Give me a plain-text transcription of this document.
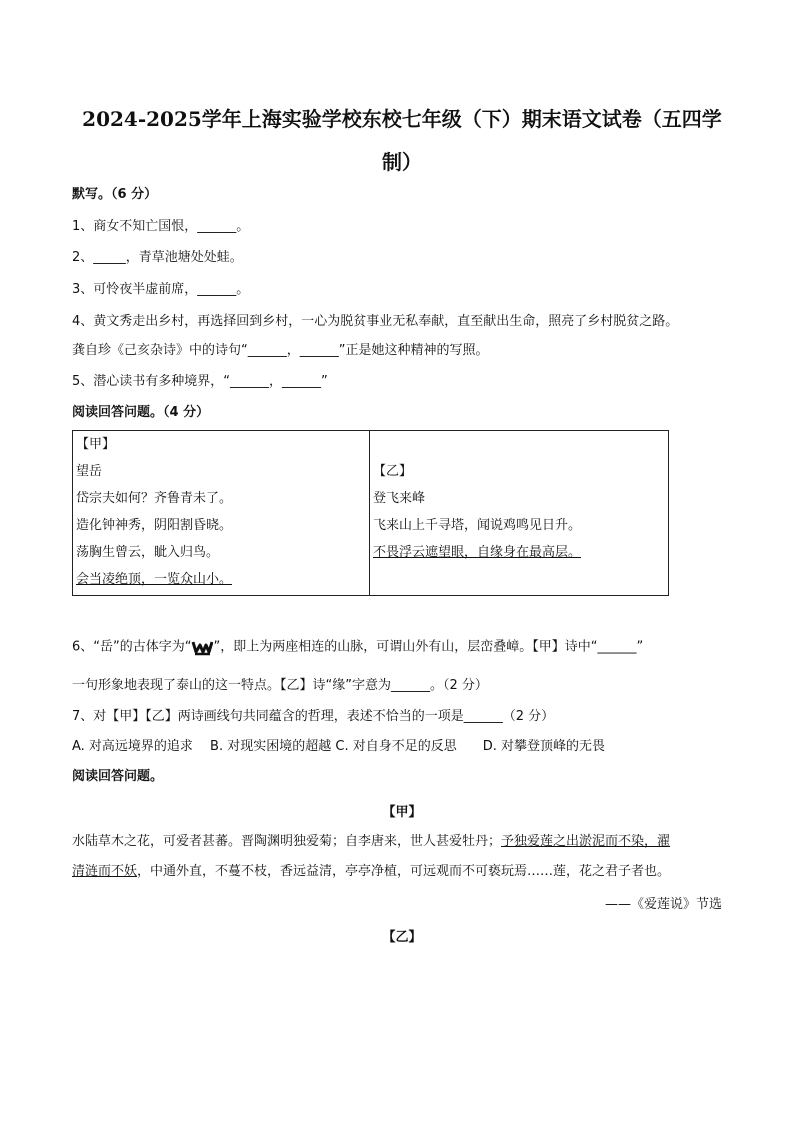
2024-2025学年上海实验学校东校七年级（下）期末语文试卷（五四学
制）
默写。（6 分）
1、商女不知亡国恨，______。
2、_____，青草池塘处处蛙。
3、可怜夜半虚前席，______。
4、黄文秀走出乡村，再选择回到乡村，一心为脱贫事业无私奉献，直至献出生命，照亮了乡村脱贫之路。
龚自珍《己亥杂诗》中的诗句“______，______”正是她这种精神的写照。
5、潜心读书有多种境界，“______，______”
阅读回答问题。（4 分）
【甲】
望岳
岱宗夫如何？齐鲁青未了。
造化钟神秀，阴阳割昏晓。
荡胸生曾云，眦入归鸟。
会当凌绝顶，一览众山小。

【乙】
登飞来峰
飞来山上千寻塔，闻说鸡鸣见日升。
不畏浮云遮望眼，自缘身在最高层。
6、“岳”的古体字为“ ”，即上为两座相连的山脉，可谓山外有山，层峦叠嶂。【甲】诗中“______”
一句形象地表现了泰山的这一特点。【乙】诗“缘”字意为______。（2 分）
7、对【甲】【乙】两诗画线句共同蕴含的哲理，表述不恰当的一项是______（2 分）
A. 对高远境界的追求　 B. 对现实困境的超越 C. 对自身不足的反思　　D. 对攀登顶峰的无畏
阅读回答问题。
【甲】
水陆草木之花，可爱者甚蕃。晋陶渊明独爱菊；自李唐来，世人甚爱牡丹；予独爱莲之出淤泥而不染，濯
清涟而不妖，中通外直，不蔓不枝，香远益清，亭亭净植，可远观而不可亵玩焉……莲，花之君子者也。
——《爱莲说》节选
【乙】
